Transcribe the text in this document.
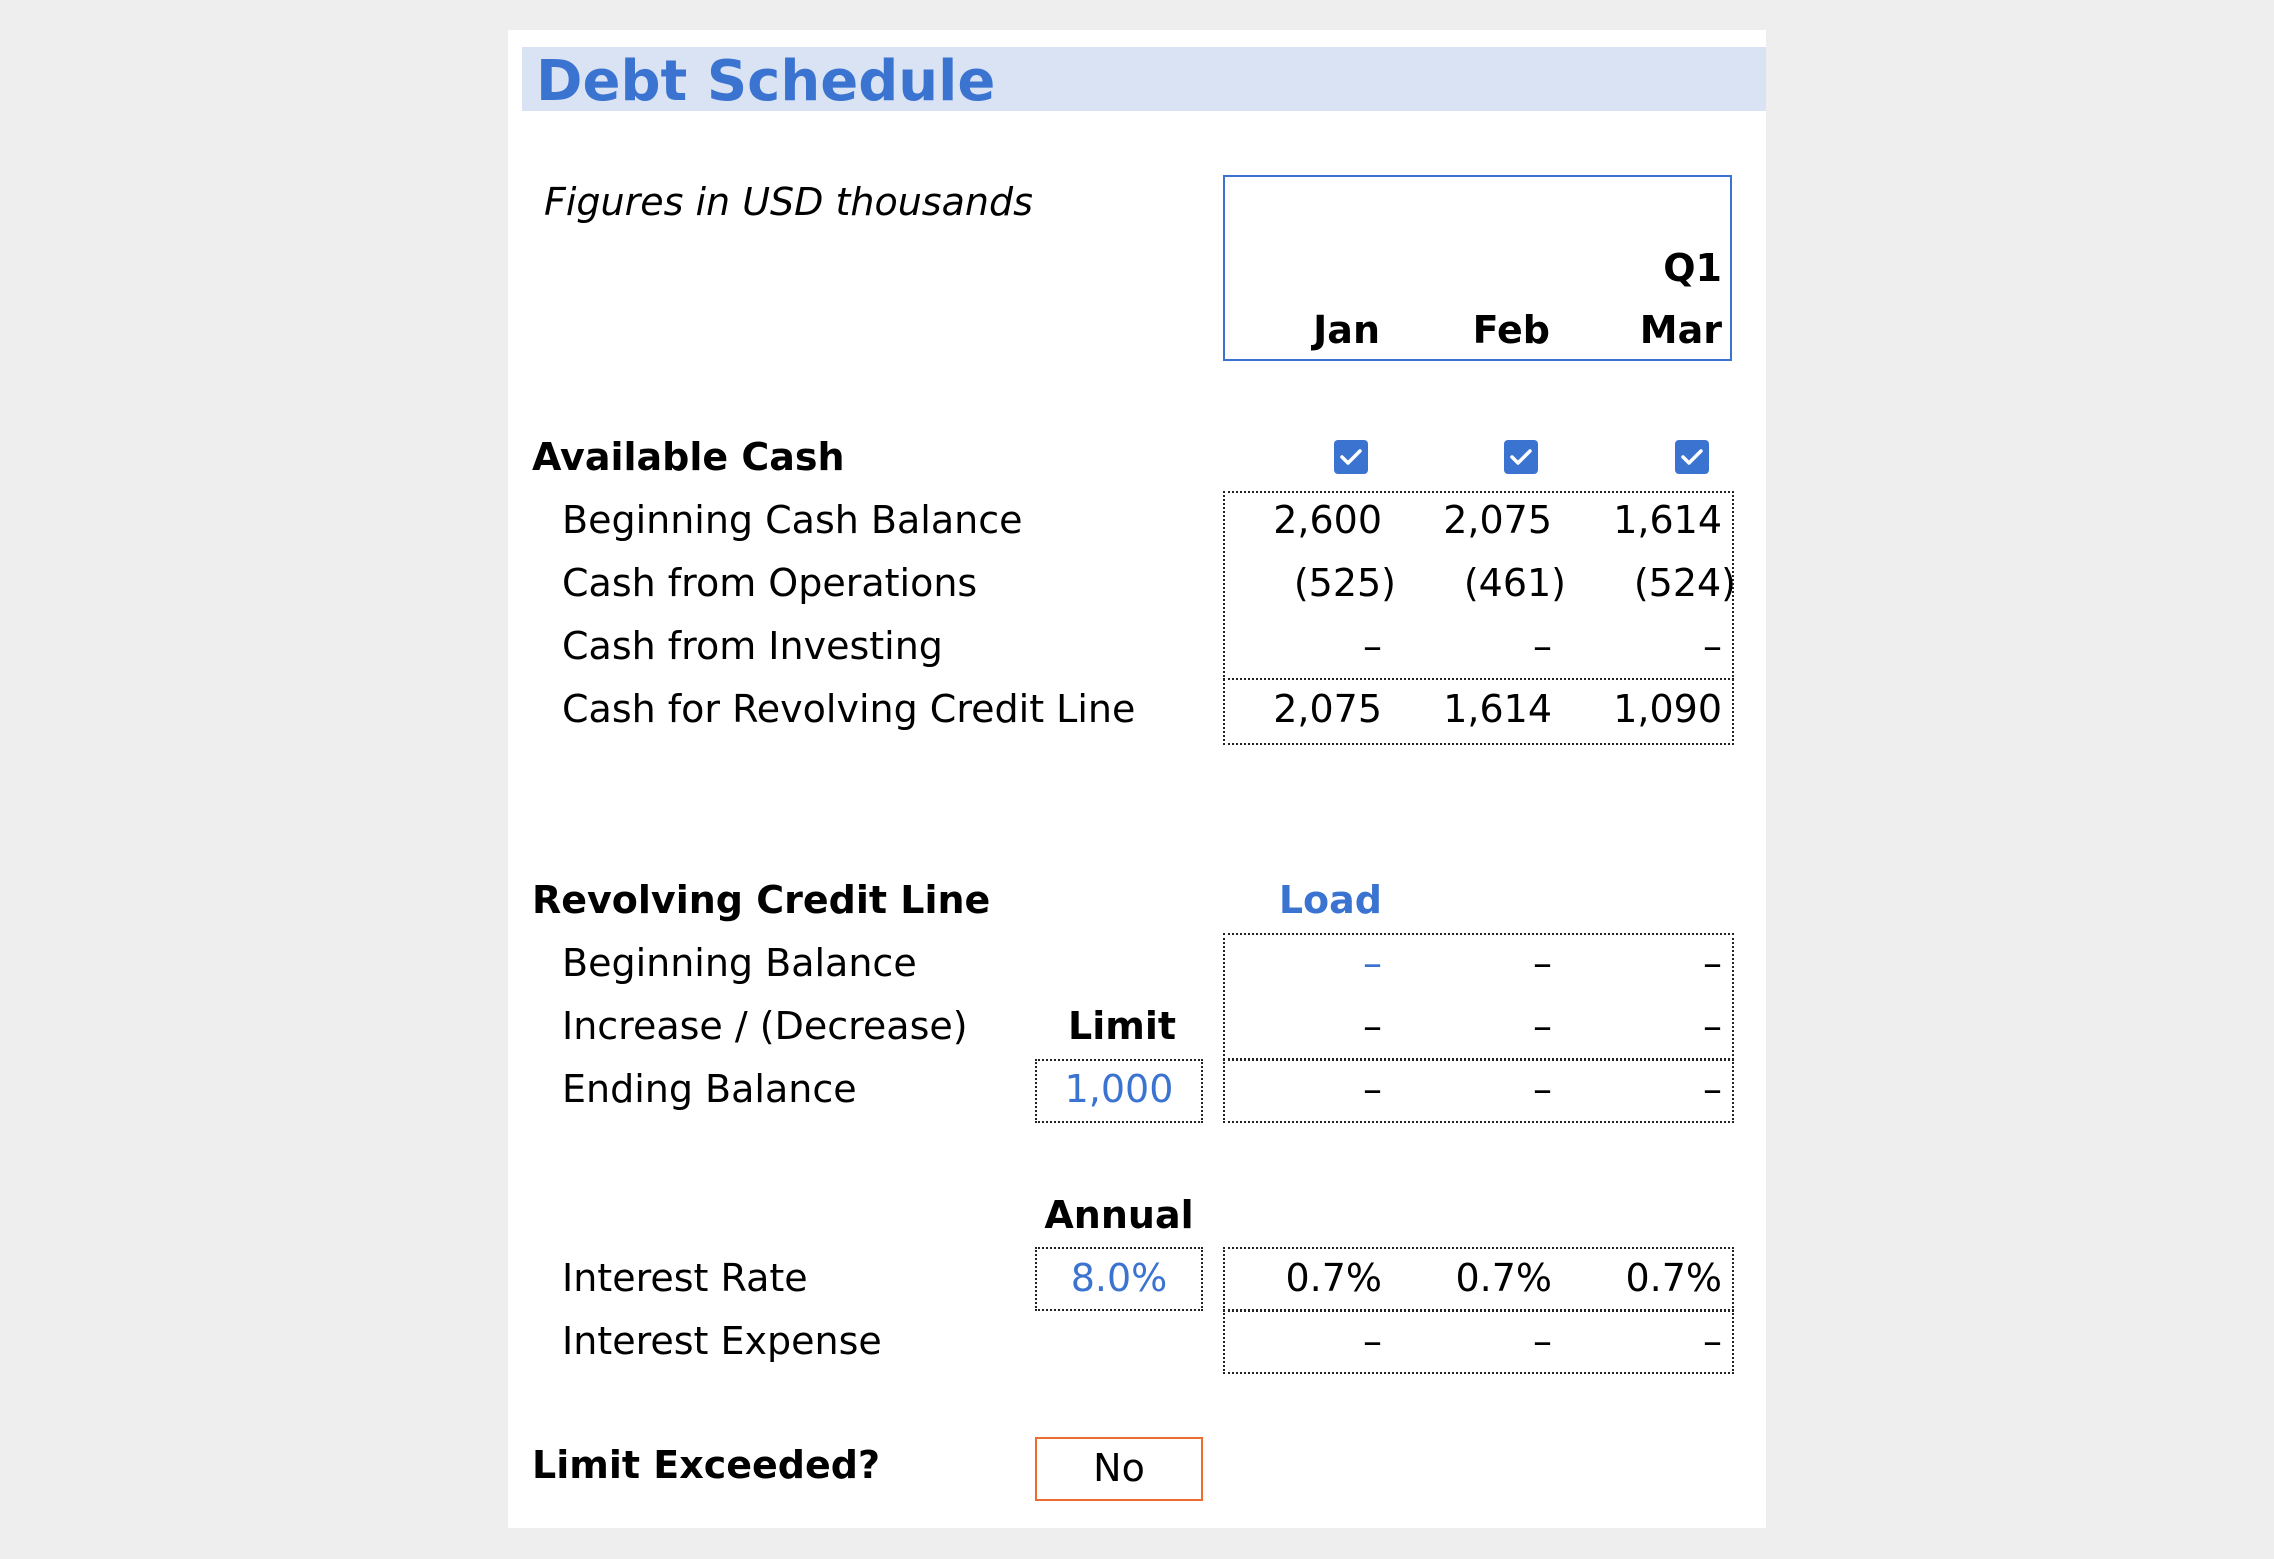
Debt Schedule
Figures in USD thousands
Q1
Jan	Feb	Mar
Available Cash
Beginning Cash Balance	2,600	2,075	1,614
Cash from Operations	(525)	(461)	(524)
Cash from Investing	–	–	–
Cash for Revolving Credit Line	2,075	1,614	1,090
Revolving Credit Line	Load
Beginning Balance	–	–	–
Increase / (Decrease)	Limit	–	–	–
Ending Balance	1,000	–	–	–
Annual
Interest Rate	8.0%	0.7%	0.7%	0.7%
Interest Expense	–	–	–
Limit Exceeded?	No
